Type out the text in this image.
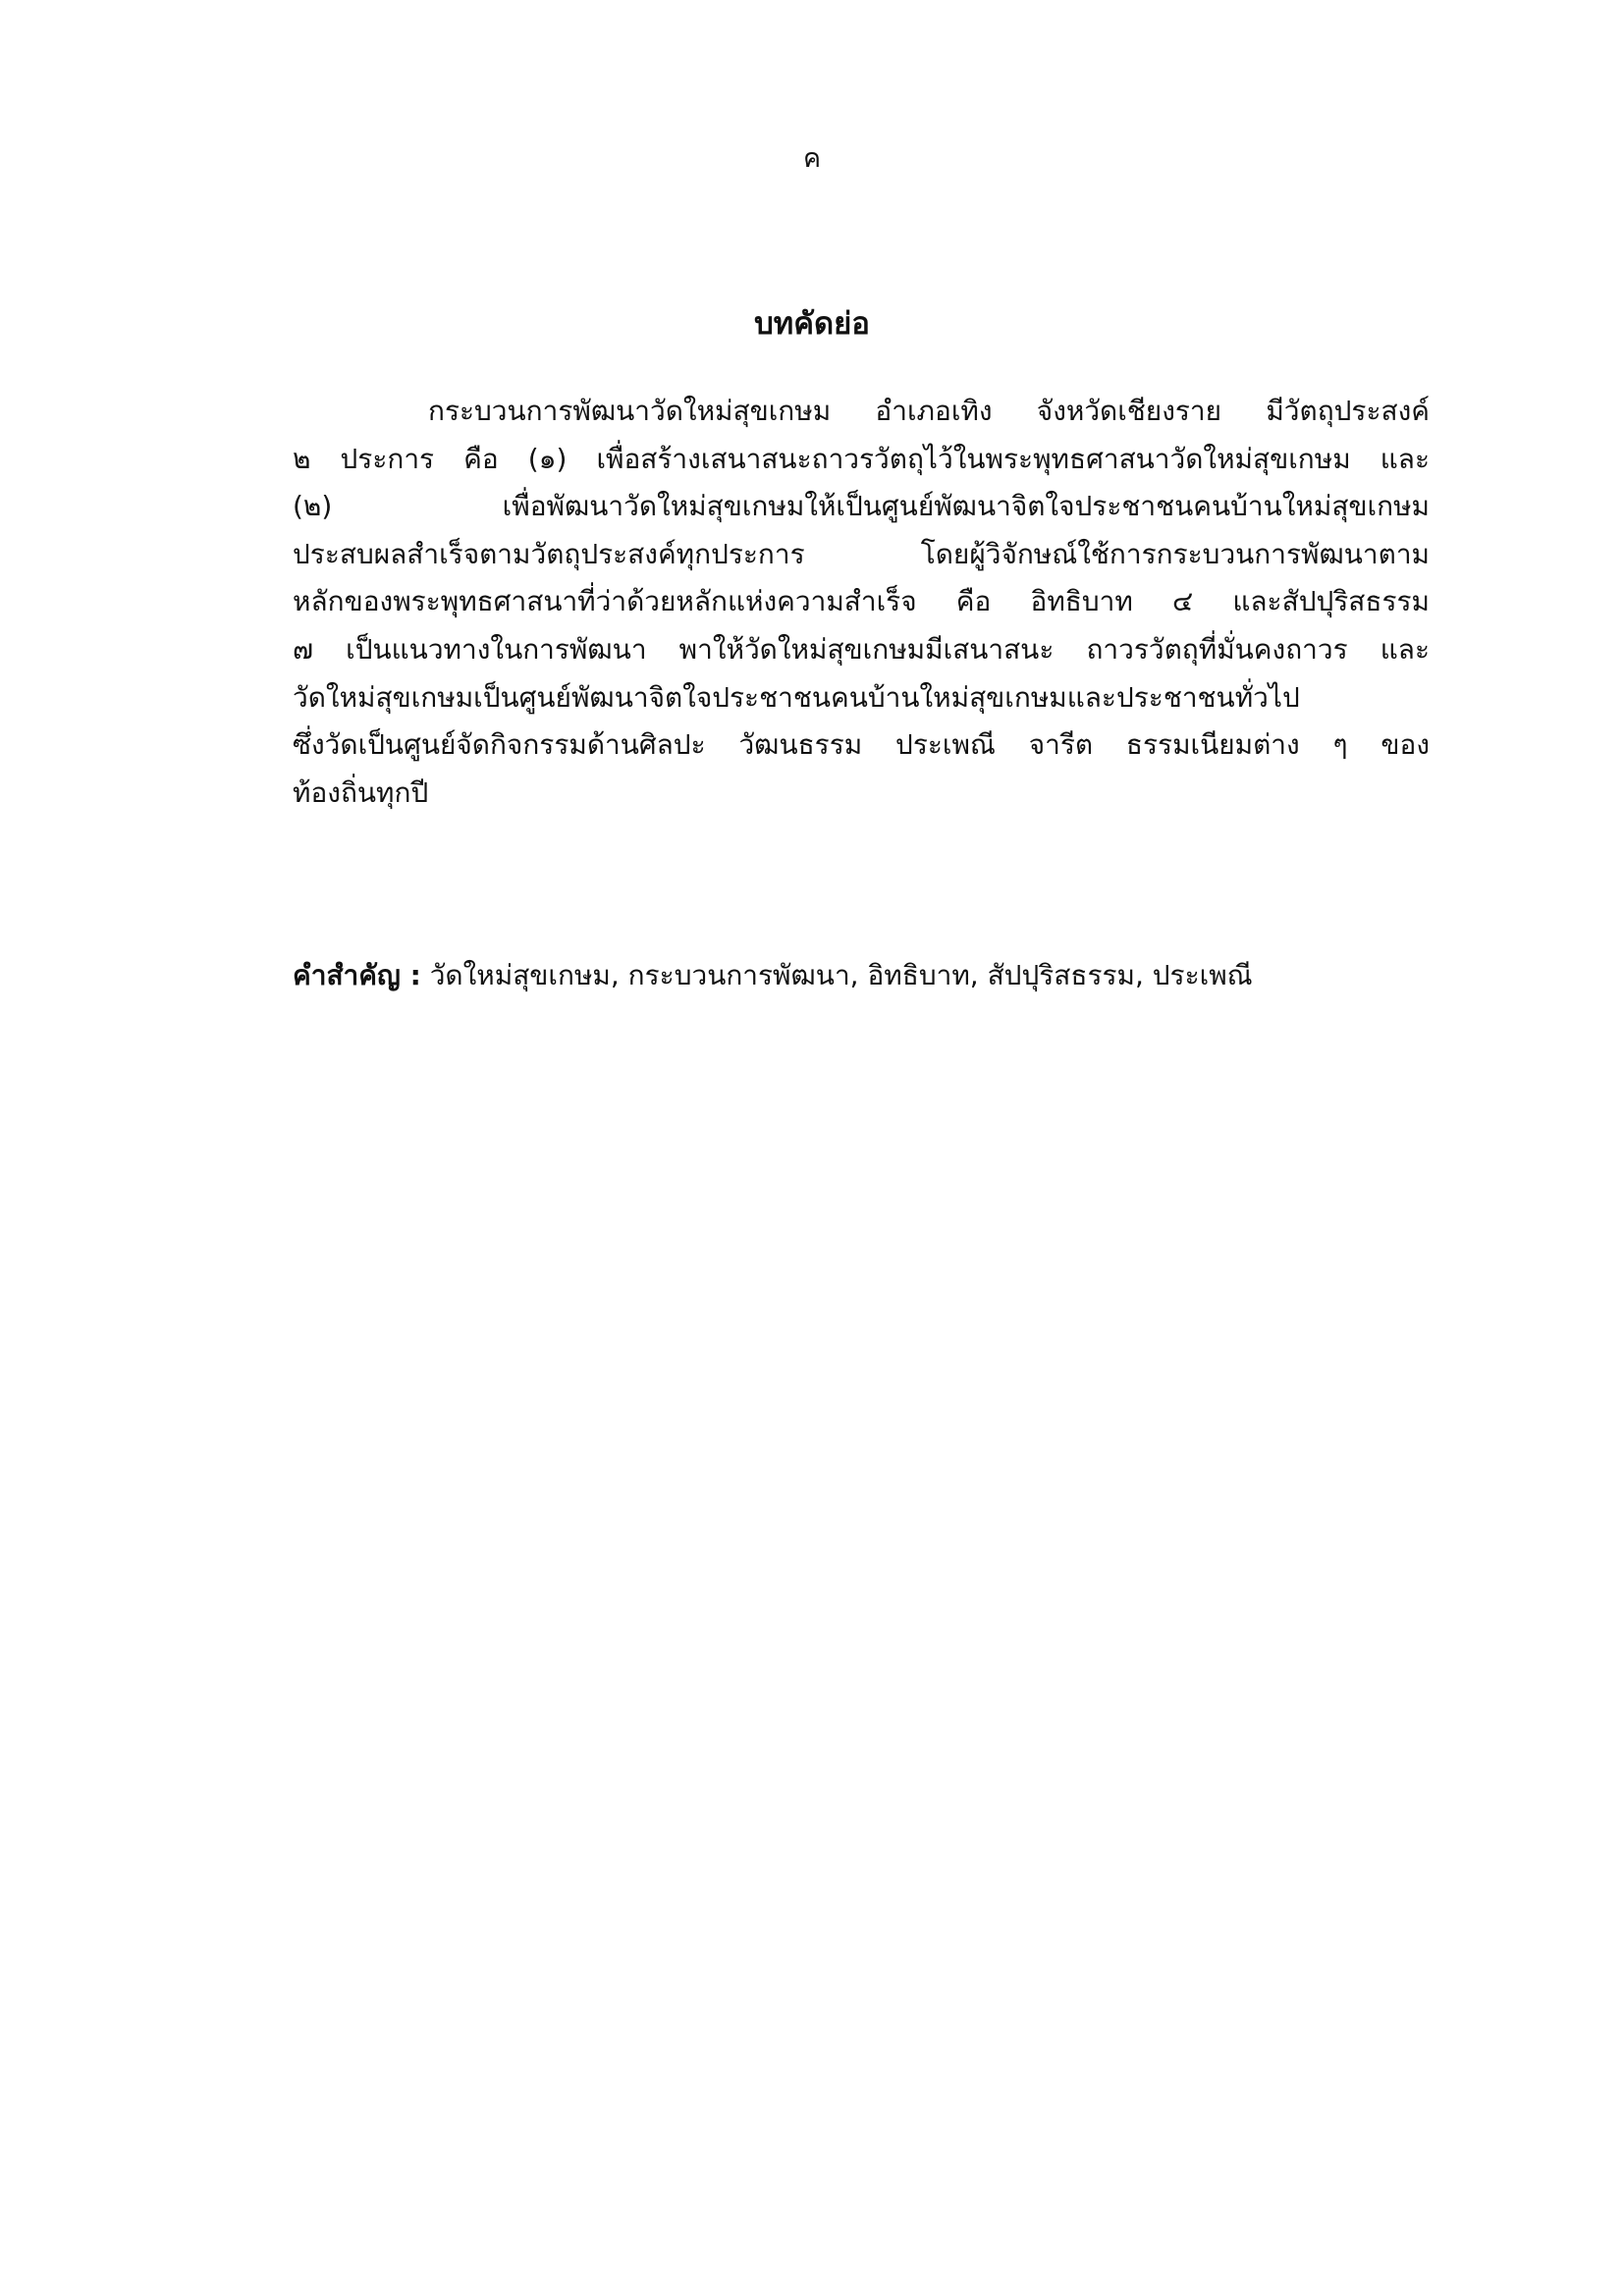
ค
บทคัดย่อ
กระบวนการพัฒนาวัดใหม่สุขเกษม อำเภอเทิง จังหวัดเชียงราย มีวัตถุประสงค์
๒ ประการ คือ (๑) เพื่อสร้างเสนาสนะถาวรวัตถุไว้ในพระพุทธศาสนาวัดใหม่สุขเกษม และ
(๒) เพื่อพัฒนาวัดใหม่สุขเกษมให้เป็นศูนย์พัฒนาจิตใจประชาชนคนบ้านใหม่สุขเกษม
ประสบผลสำเร็จตามวัตถุประสงค์ทุกประการ โดยผู้วิจักษณ์ใช้การกระบวนการพัฒนาตาม
หลักของพระพุทธศาสนาที่ว่าด้วยหลักแห่งความสำเร็จ คือ อิทธิบาท ๔ และสัปปุริสธรรม
๗ เป็นแนวทางในการพัฒนา พาให้วัดใหม่สุขเกษมมีเสนาสนะ ถาวรวัตถุที่มั่นคงถาวร และ
วัดใหม่สุขเกษมเป็นศูนย์พัฒนาจิตใจประชาชนคนบ้านใหม่สุขเกษมและประชาชนทั่วไป
ซึ่งวัดเป็นศูนย์จัดกิจกรรมด้านศิลปะ วัฒนธรรม ประเพณี จารีต ธรรมเนียมต่าง ๆ ของ
ท้องถิ่นทุกปี
คำสำคัญ : วัดใหม่สุขเกษม, กระบวนการพัฒนา, อิทธิบาท, สัปปุริสธรรม, ประเพณี
